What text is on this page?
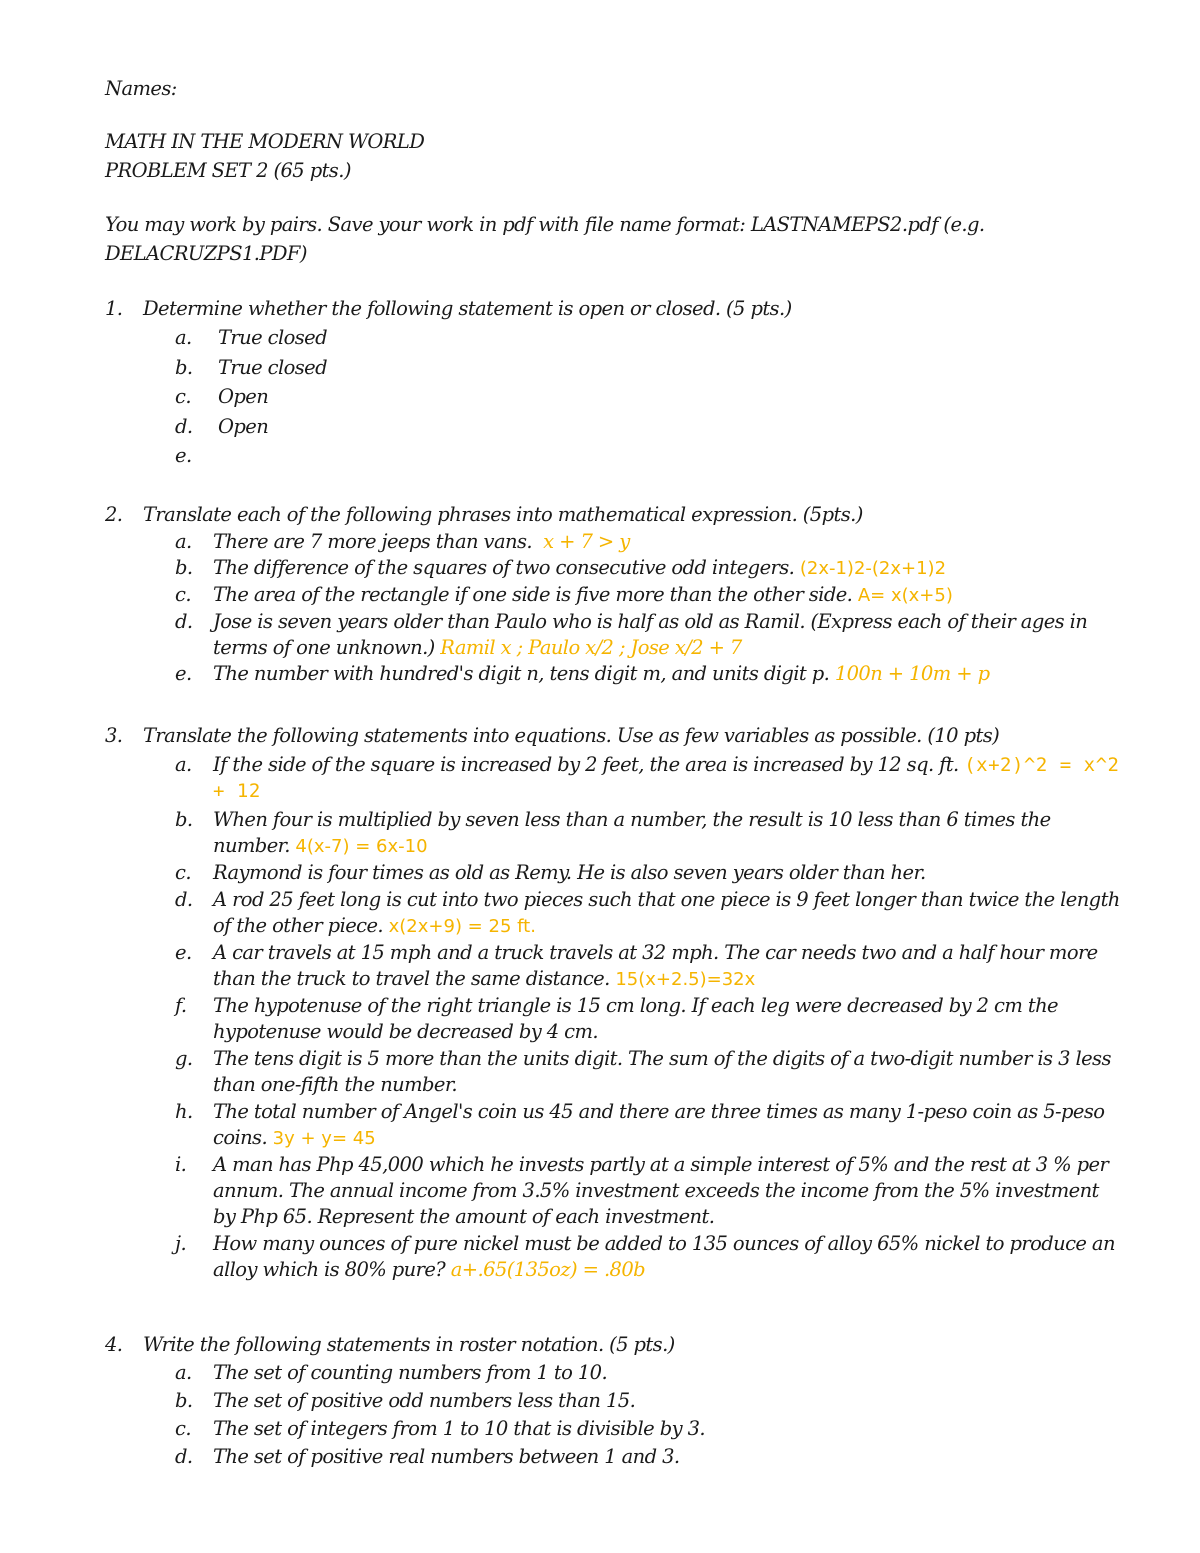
Names:
MATH IN THE MODERN WORLD
PROBLEM SET 2 (65 pts.)
You may work by pairs. Save your work in pdf with file name format: LASTNAMEPS2.pdf (e.g.
DELACRUZPS1.PDF)
1.	Determine whether the following statement is open or closed. (5 pts.)
a. True closed
b. True closed
c. Open
d. Open
e.
2.	Translate each of the following phrases into mathematical expression. (5pts.)
a. There are 7 more jeeps than vans. x + 7 > y
b. The difference of the squares of two consecutive odd integers. (2x-1)2-(2x+1)2
c. The area of the rectangle if one side is five more than the other side. A= x(x+5)
d. Jose is seven years older than Paulo who is half as old as Ramil. (Express each of their ages in terms of one unknown.) Ramil x ; Paulo x/2 ; Jose x/2 + 7
e. The number with hundred's digit n, tens digit m, and units digit p. 100n + 10m + p
3.	Translate the following statements into equations. Use as few variables as possible. (10 pts)
a. If the side of the square is increased by 2 feet, the area is increased by 12 sq. ft. (x+2)^2 = x^2 + 12
b. When four is multiplied by seven less than a number, the result is 10 less than 6 times the number. 4(x-7) = 6x-10
c. Raymond is four times as old as Remy. He is also seven years older than her.
d. A rod 25 feet long is cut into two pieces such that one piece is 9 feet longer than twice the length of the other piece. x(2x+9) = 25 ft.
e. A car travels at 15 mph and a truck travels at 32 mph. The car needs two and a half hour more than the truck to travel the same distance. 15(x+2.5)=32x
f. The hypotenuse of the right triangle is 15 cm long. If each leg were decreased by 2 cm the hypotenuse would be decreased by 4 cm.
g. The tens digit is 5 more than the units digit. The sum of the digits of a two-digit number is 3 less than one-fifth the number.
h. The total number of Angel's coin us 45 and there are three times as many 1-peso coin as 5-peso coins. 3y + y= 45
i. A man has Php 45,000 which he invests partly at a simple interest of 5% and the rest at 3 % per annum. The annual income from 3.5% investment exceeds the income from the 5% investment by Php 65. Represent the amount of each investment.
j. How many ounces of pure nickel must be added to 135 ounces of alloy 65% nickel to produce an alloy which is 80% pure? a+.65(135oz) = .80b
4.	Write the following statements in roster notation. (5 pts.)
a. The set of counting numbers from 1 to 10.
b. The set of positive odd numbers less than 15.
c. The set of integers from 1 to 10 that is divisible by 3.
d. The set of positive real numbers between 1 and 3.
